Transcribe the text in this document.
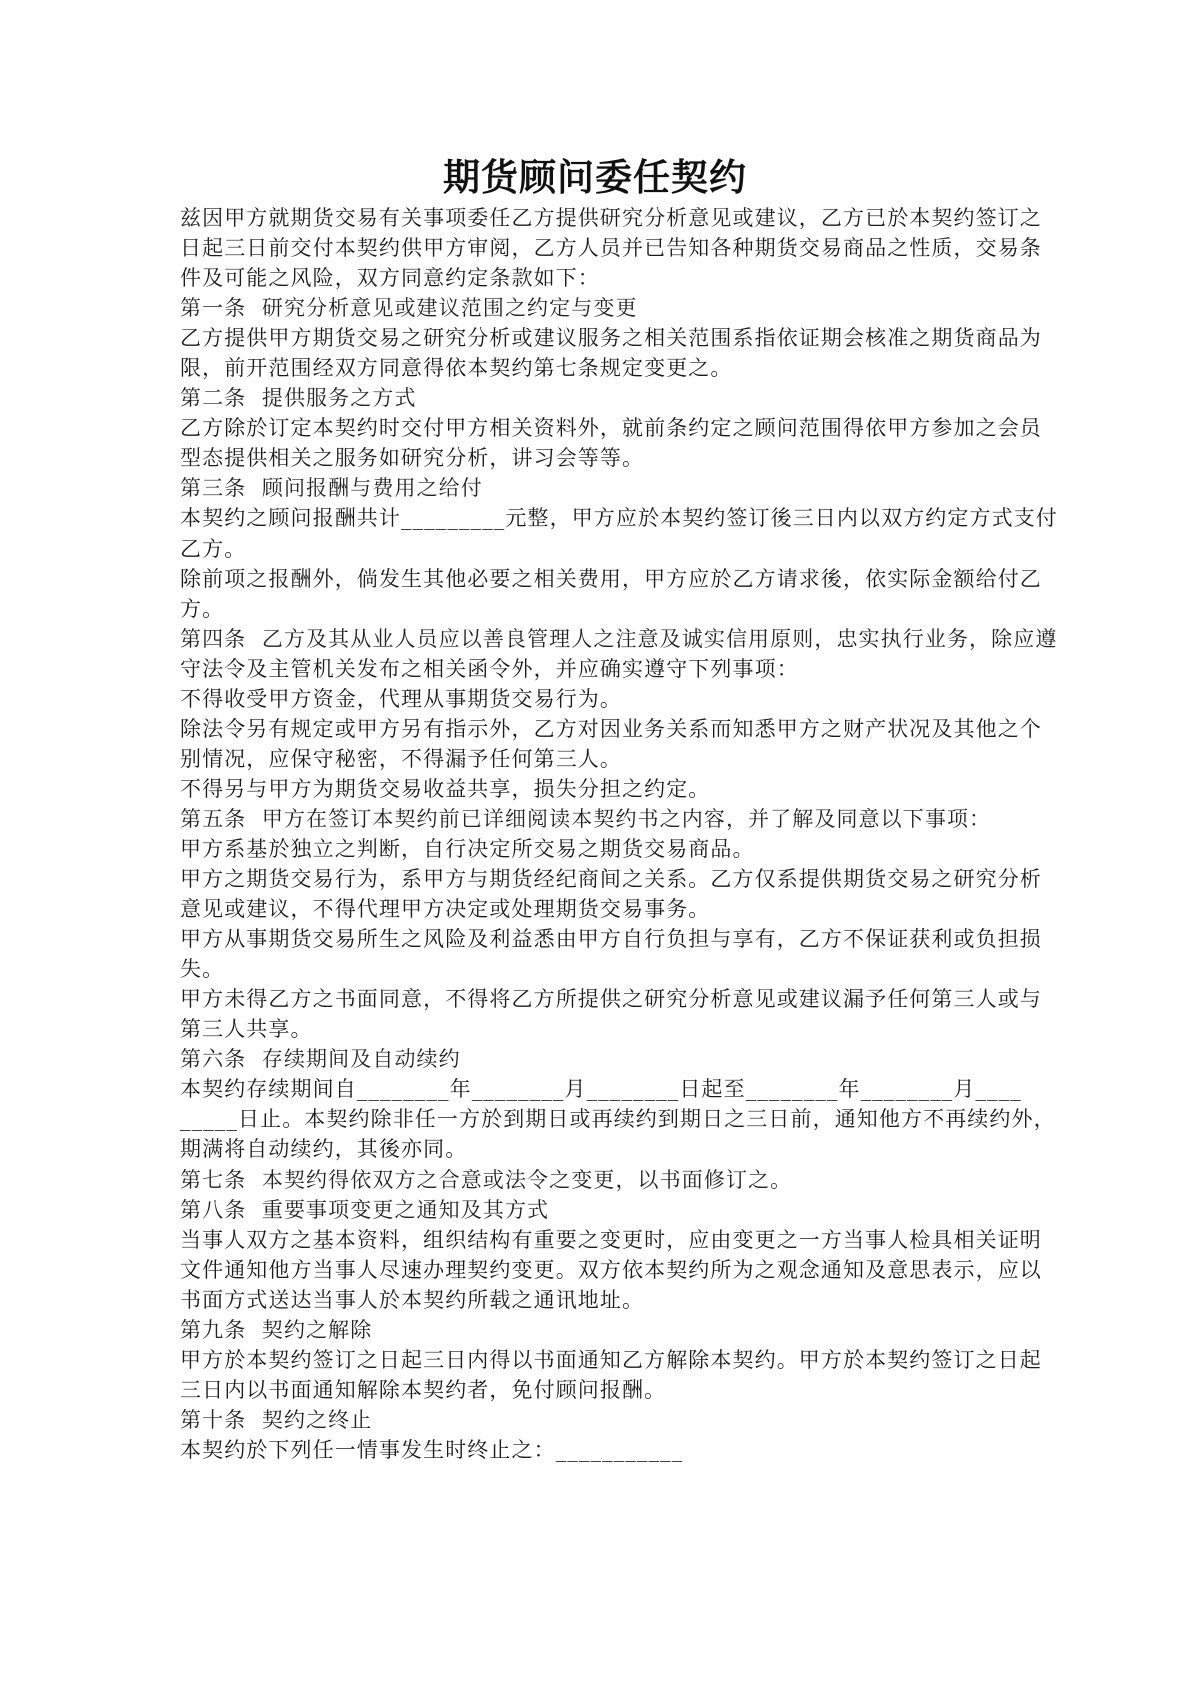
期货顾问委任契约
兹因甲方就期货交易有关事项委任乙方提供研究分析意见或建议，乙方已於本契约签订之
日起三日前交付本契约供甲方审阅，乙方人员并已告知各种期货交易商品之性质，交易条
件及可能之风险，双方同意约定条款如下：
第一条  研究分析意见或建议范围之约定与变更
乙方提供甲方期货交易之研究分析或建议服务之相关范围系指依证期会核准之期货商品为
限，前开范围经双方同意得依本契约第七条规定变更之。
第二条  提供服务之方式
乙方除於订定本契约时交付甲方相关资料外，就前条约定之顾问范围得依甲方参加之会员
型态提供相关之服务如研究分析，讲习会等等。
第三条  顾问报酬与费用之给付
本契约之顾问报酬共计_________元整，甲方应於本契约签订後三日内以双方约定方式支付
乙方。
除前项之报酬外，倘发生其他必要之相关费用，甲方应於乙方请求後，依实际金额给付乙
方。
第四条  乙方及其从业人员应以善良管理人之注意及诚实信用原则，忠实执行业务，除应遵
守法令及主管机关发布之相关函令外，并应确实遵守下列事项：
不得收受甲方资金，代理从事期货交易行为。
除法令另有规定或甲方另有指示外，乙方对因业务关系而知悉甲方之财产状况及其他之个
别情况，应保守秘密，不得漏予任何第三人。
不得另与甲方为期货交易收益共享，损失分担之约定。
第五条  甲方在签订本契约前已详细阅读本契约书之内容，并了解及同意以下事项：
甲方系基於独立之判断，自行决定所交易之期货交易商品。
甲方之期货交易行为，系甲方与期货经纪商间之关系。乙方仅系提供期货交易之研究分析
意见或建议，不得代理甲方决定或处理期货交易事务。
甲方从事期货交易所生之风险及利益悉由甲方自行负担与享有，乙方不保证获利或负担损
失。
甲方未得乙方之书面同意，不得将乙方所提供之研究分析意见或建议漏予任何第三人或与
第三人共享。
第六条  存续期间及自动续约
本契约存续期间自________年________月________日起至________年________月____
_____日止。本契约除非任一方於到期日或再续约到期日之三日前，通知他方不再续约外，
期满将自动续约，其後亦同。
第七条  本契约得依双方之合意或法令之变更，以书面修订之。
第八条  重要事项变更之通知及其方式
当事人双方之基本资料，组织结构有重要之变更时，应由变更之一方当事人检具相关证明
文件通知他方当事人尽速办理契约变更。双方依本契约所为之观念通知及意思表示，应以
书面方式送达当事人於本契约所载之通讯地址。
第九条  契约之解除
甲方於本契约签订之日起三日内得以书面通知乙方解除本契约。甲方於本契约签订之日起
三日内以书面通知解除本契约者，免付顾问报酬。
第十条  契约之终止
本契约於下列任一情事发生时终止之：___________
